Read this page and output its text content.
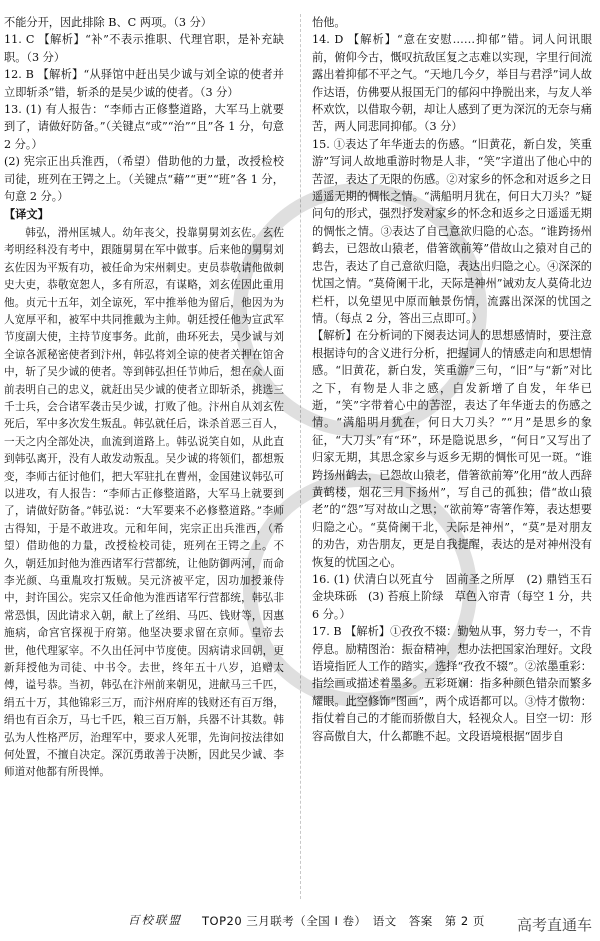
不能分开，因此排除 B、C 两项。（3 分）

11. C 【解析】“补”不表示推职、代理官职，是补充缺职。（3 分）

12. B 【解析】“从驿馆中赶出吴少诚与刘全谅的使者并立即斩杀”错，斩杀的是吴少诚的使者。（3 分）

13. (1) 有人报告：“李师古正修整道路，大军马上就要到了，请做好防备。”（关键点“或”“治”“且”各 1 分，句意 2 分。）

(2) 宪宗正出兵淮西，（希望）借助他的力量，改授检校司徒，班列在王锷之上。（关键点“藉”“更”“班”各 1 分，句意 2 分。）

【译文】

韩弘，滑州匡城人。幼年丧父，投靠舅舅刘玄佐。玄佐考明经科没有考中，跟随舅舅在军中做事。后来他的舅舅刘玄佐因为平叛有功，被任命为宋州刺史。吏员恭敬请他做刺史大吏，恭敬宽恕人，多有所忍，有谋略，刘玄佐因此重用他。贞元十五年，刘全谅死，军中推举他为留后，他因为为人宽厚平和，被军中共同推戴为主帅。朝廷授任他为宣武军节度副大使，主持节度事务。此前，曲环死去，吴少诚与刘全谅各派秘密使者到汴州，韩弘将刘全谅的使者关押在馆舍中，斩了吴少诚的使者。等到韩弘担任节帅后，想在众人面前表明自己的忠义，就赶出吴少诚的使者立即斩杀，挑选三千士兵，会合诸军袭击吴少诚，打败了他。汴州自从刘玄佐死后，军中多次发生叛乱。韩弘就任后，诛杀首恶三百人，一天之内全部处决，血流到道路上。韩弘说笑自如，从此直到韩弘离开，没有人敢发动叛乱。吴少诚的将领们，都想叛变，李师古征讨他们，把大军驻扎在曹州，金国建议韩弘可以进攻，有人报告：“李师古正修整道路，大军马上就要到了，请做好防备。”韩弘说：“大军要来不必修整道路。”李师古得知，于是不敢进攻。元和年间，宪宗正出兵淮西，（希望）借助他的力量，改授检校司徒，班列在王锷之上。不久，朝廷加封他为淮西诸军行营都统，让他防御两河，而命李光颜、乌重胤攻打叛贼。吴元济被平定，因功加授兼侍中，封许国公。宪宗又任命他为淮西诸军行营都统，韩弘非常恐惧，因此请求入朝，献上了丝绢、马匹、钱财等，因惠施病，命宫官探视于府第。他坚决要求留在京师。皇帝去世，他代理冢宰。不久出任河中节度使。因病请求回朝，更新拜授他为司徒、中书令。去世，终年五十八岁，追赠太傅，谥号恭。当初，韩弘在汴州前来朝见，进献马三千匹，绢五十万，其他锦彩三万，而汴州府库的钱财还有百万缗，绢也有百余万，马七千匹，粮三百万斛，兵器不计其数。韩弘为人性格严厉，治理军中，要求人死罪，先询问按法律如何处置，不擅自决定。深沉勇敢善于决断，因此吴少诚、李师道对他都有所畏惮。

怡他。

14. D 【解析】“意在安慰……抑郁”错。词人问讯眼前，俯仰今古，慨叹抗敌匡复之志难以实现，字里行间流露出着抑郁不平之气。“天地几今夕，举目与君浮”词人故作达语，仿佛要从报国无门的郁闷中挣脱出来，与友人举杯欢饮，以借取今朝，却让人感到了更为深沉的无奈与痛苦，两人同悲同抑郁。（3 分）

15. ①表达了年华逝去的伤感。“旧黄花，新白发，笑重游”写词人故地重游时物是人非，“笑”字道出了他心中的苦涩，表达了无限的伤感。②对家乡的怀念和对返乡之日遥遥无期的惆怅之情。“满船明月犹在，何日大刀头？”疑问句的形式，强烈抒发对家乡的怀念和返乡之日遥遥无期的惆怅之情。③表达了自己意欲归隐的心态。“谁跨扬州鹤去，已怨故山猿老，借箸欲前筹”借故山之猿对自己的忠告，表达了自己意欲归隐，表达出归隐之心。④深深的忧国之情。“莫倚阑干北，天际是神州”诫劝友人莫倚北边栏杆，以免望见中原而触景伤情，流露出深深的忧国之情。（每点 2 分，答出三点即可。）

【解析】在分析词的下阕表达词人的思想感情时，要注意根据诗句的含义进行分析，把握词人的情感走向和思想情感。“旧黄花，新白发，笑重游”三句，“旧”与“新”对比之下，有物是人非之感，白发新增了自发，年华已逝，“笑”字带着心中的苦涩，表达了年华逝去的伤感之情。“满船明月犹在，何日大刀头？”“月”是思乡的象征，“大刀头”有“环”，环是隐说思乡，“何日”又写出了归家无期，其思念家乡与返乡无期的惆怅可见一斑。“谁跨扬州鹤去，已怨故山猿老，借箸欲前筹”化用“故人西辞黄鹤楼，烟花三月下扬州”，写自己的孤独；借“故山猿老”的“怨”写对故山之思；“欲前筹”寄箸作筹，表达想要归隐之心。“莫倚阑干北，天际是神州”，“莫”是对朋友的劝告，劝告朋友，更是自我提醒，表达的是对神州没有恢复的忧国之心。

16. (1) 伏清白以死直兮　固前圣之所厚　(2) 鼎铛玉石　金块珠砾　(3) 苔痕上阶绿　草色入帘青（每空 1 分，共 6 分。）

17. B 【解析】①孜孜不辍：勤勉从事，努力专一，不肯停息。励精图治：振奋精神，想办法把国家治理好。文段语境指匠人工作的踏实，选择“孜孜不辍”。②浓墨重彩：指绘画或描述着墨多。五彩斑斓：指多种颜色错杂而繁多耀眼。此空修饰“图画”，两个成语都可以。③恃才傲物：指仗着自己的才能而骄傲自大，轻视众人。目空一切：形容高傲自大，什么都瞧不起。文段语境根据“固步自

百校联盟 TOP20 三月联考（全国 I 卷）　语文　答案　第 2 页 高考直通车
